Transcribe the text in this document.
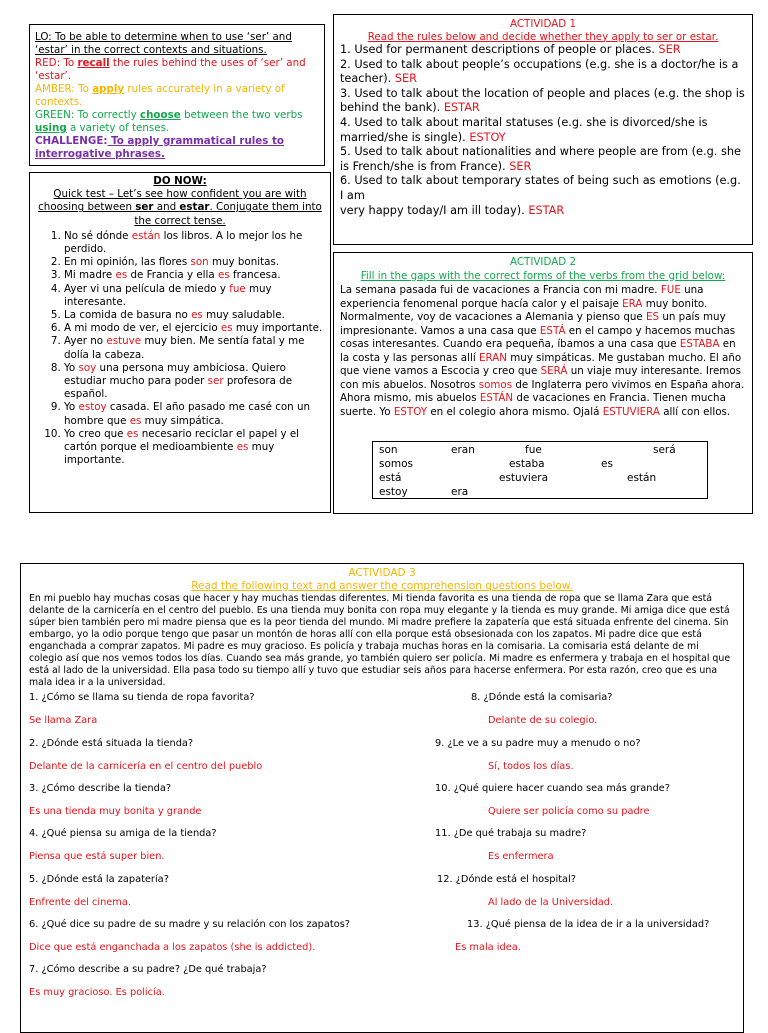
LO: To be able to determine when to use ‘ser’ and ‘estar’ in the correct contexts and situations.

RED: To recall the rules behind the uses of ‘ser’ and ‘estar’.

AMBER: To apply rules accurately in a variety of contexts.

GREEN: To correctly choose between the two verbs using a variety of tenses.

CHALLENGE: To apply grammatical rules to interrogative phrases.

DO NOW:
Quick test – Let’s see how confident you are with choosing between ser and estar. Conjugate them into the correct tense.
1. No sé dónde están los libros. A lo mejor los he perdido.
2. En mi opinión, las flores son muy bonitas.
3. Mi madre es de Francia y ella es francesa.
4. Ayer vi una película de miedo y fue muy interesante.
5. La comida de basura no es muy saludable.
6. A mi modo de ver, el ejercicio es muy importante.
7. Ayer no estuve muy bien. Me sentía fatal y me dolía la cabeza.
8. Yo soy una persona muy ambiciosa. Quiero estudiar mucho para poder ser profesora de español.
9. Yo estoy casada. El año pasado me casé con un hombre que es muy simpática.
10. Yo creo que es necesario reciclar el papel y el cartón porque el medioambiente es muy importante.
ACTIVIDAD 1
Read the rules below and decide whether they apply to ser or estar.

1. Used for permanent descriptions of people or places. SER

2. Used to talk about people’s occupations (e.g. she is a doctor/he is a teacher). SER

3. Used to talk about the location of people and places (e.g. the shop is behind the bank). ESTAR

4. Used to talk about marital statuses (e.g. she is divorced/she is married/she is single). ESTOY

5. Used to talk about nationalities and where people are from (e.g. she is French/she is from France). SER

6. Used to talk about temporary states of being such as emotions (e.g. I am
very happy today/I am ill today). ESTAR

ACTIVIDAD 2
Fill in the gaps with the correct forms of the verbs from the grid below:

La semana pasada fui de vacaciones a Francia con mi madre. FUE una experiencia fenomenal porque hacía calor y el paisaje ERA muy bonito. Normalmente, voy de vacaciones a Alemania y pienso que ES un país muy impresionante. Vamos a una casa que ESTÁ en el campo y hacemos muchas cosas interesantes. Cuando era pequeña, íbamos a una casa que ESTABA en la costa y las personas allí ERAN muy simpáticas. Me gustaban mucho. El año que viene vamos a Escocia y creo que SERÁ un viaje muy interesante. Iremos con mis abuelos. Nosotros somos de Inglaterra pero vivimos en España ahora. Ahora mismo, mis abuelos ESTÁN de vacaciones en Francia. Tienen mucha suerte. Yo ESTOY en el colegio ahora mismo. Ojalá ESTUVIERA allí con ellos.

son	eran	fue	será
somos	estaba	es
está	estuviera	están
estoy	era
ACTIVIDAD 3
Read the following text and answer the comprehension questions below.

En mi pueblo hay muchas cosas que hacer y hay muchas tiendas diferentes. Mi tienda favorita es una tienda de ropa que se llama Zara que está delante de la carnicería en el centro del pueblo. Es una tienda muy bonita con ropa muy elegante y la tienda es muy grande. Mi amiga dice que está súper bien también pero mi madre piensa que es la peor tienda del mundo. Mi madre prefiere la zapatería que está situada enfrente del cinema. Sin embargo, yo la odio porque tengo que pasar un montón de horas allí con ella porque está obsesionada con los zapatos. Mi padre dice que está enganchada a comprar zapatos. Mi padre es muy gracioso. Es policía y trabaja muchas horas en la comisaria. La comisaria está delante de mi colegio así que nos vemos todos los días. Cuando sea más grande, yo también quiero ser policía. Mi madre es enfermera y trabaja en el hospital que está al lado de la universidad. Ella pasa todo su tiempo allí y tuvo que estudiar seis años para hacerse enfermera. Por esta razón, creo que es una mala idea ir a la universidad.

1. ¿Cómo se llama su tienda de ropa favorita?
Se llama Zara
2. ¿Dónde está situada la tienda?
Delante de la carnicería en el centro del pueblo
3. ¿Cómo describe la tienda?
Es una tienda muy bonita y grande
4. ¿Qué piensa su amiga de la tienda?
Piensa que está super bien.
5. ¿Dónde está la zapatería?
Enfrente del cinema.
6. ¿Qué dice su padre de su madre y su relación con los zapatos?
Dice que está enganchada a los zapatos (she is addicted).
7. ¿Cómo describe a su padre? ¿De qué trabaja?
Es muy gracioso. Es policía.
8. ¿Dónde está la comisaria?
Delante de su colegio.
9. ¿Le ve a su padre muy a menudo o no?
Sí, todos los días.
10. ¿Qué quiere hacer cuando sea más grande?
Quiere ser policía como su padre
11. ¿De qué trabaja su madre?
Es enfermera
12. ¿Dónde está el hospital?
Al lado de la Universidad.
13. ¿Qué piensa de la idea de ir a la universidad?
Es mala idea.
